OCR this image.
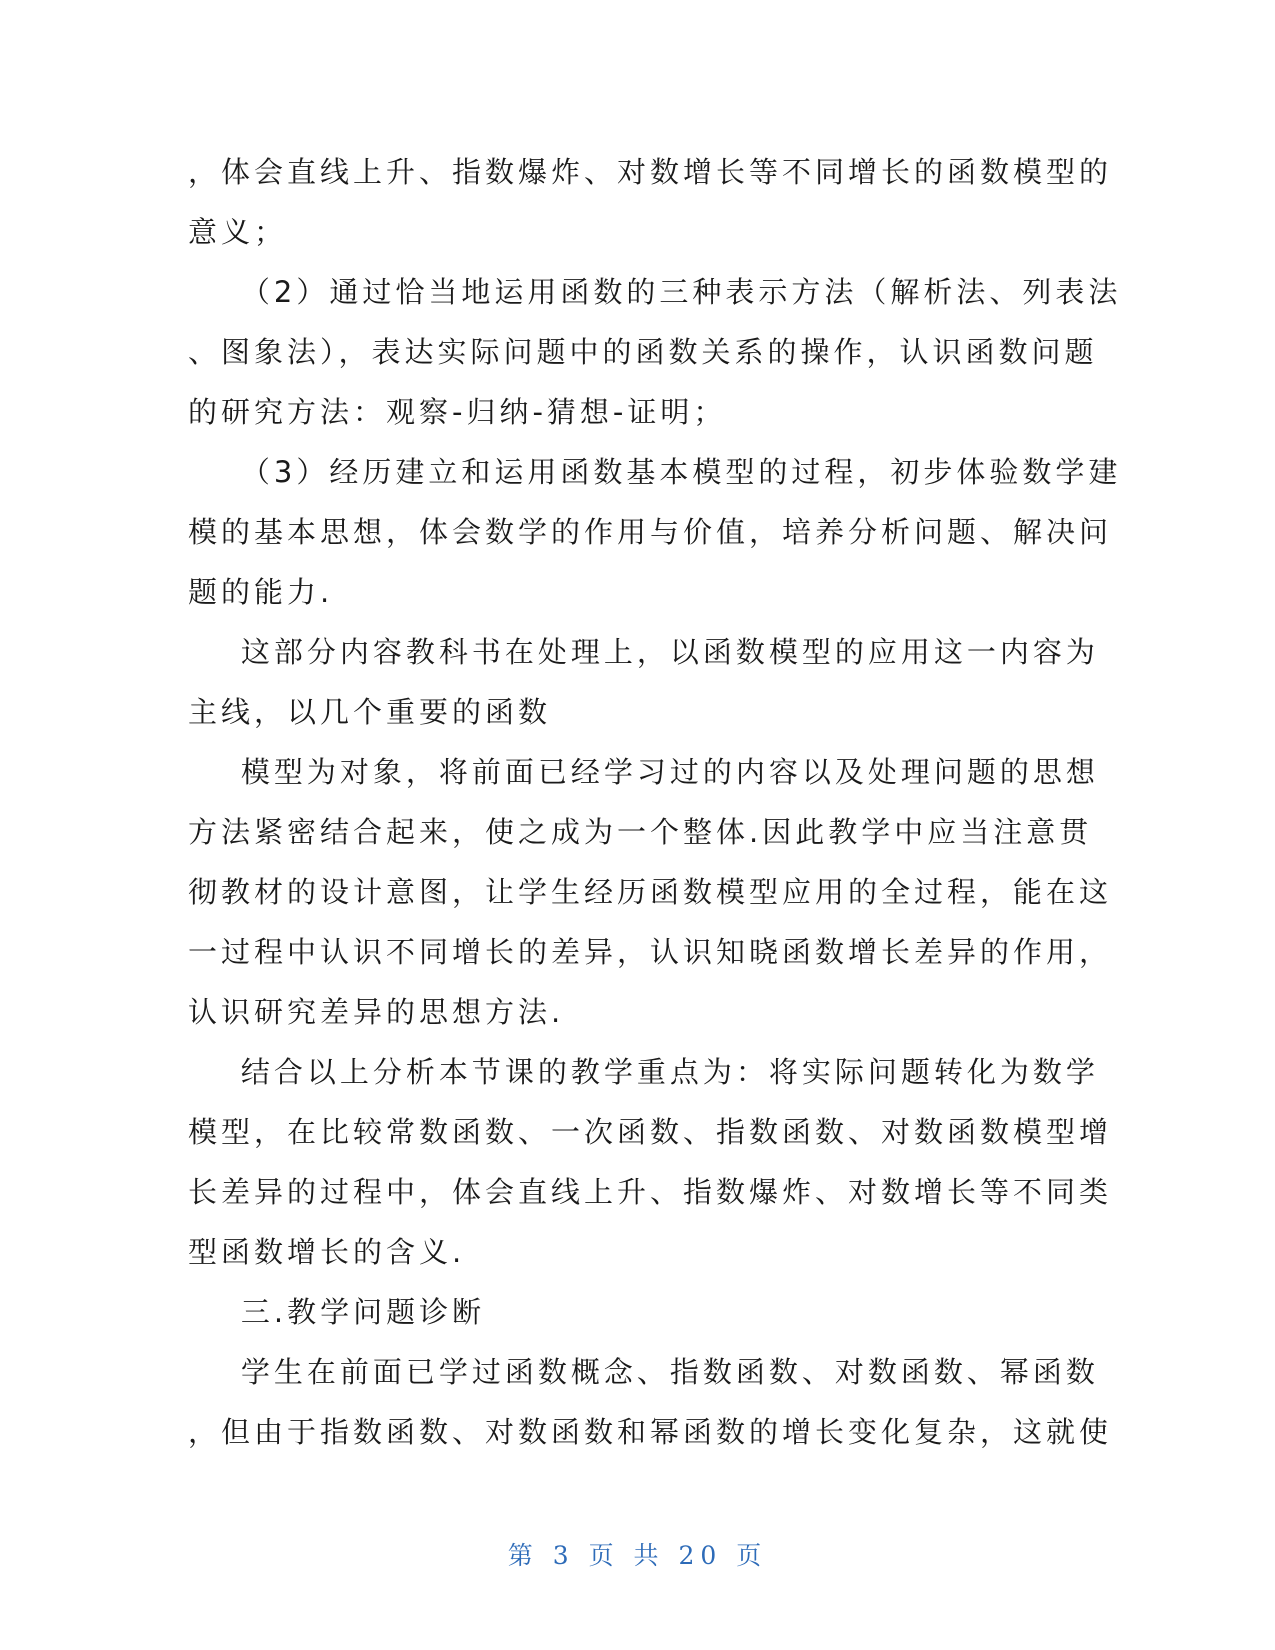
，体会直线上升、指数爆炸、对数增长等不同增长的函数模型的
意义；
（2）通过恰当地运用函数的三种表示方法（解析法、列表法
、图象法），表达实际问题中的函数关系的操作，认识函数问题
的研究方法：观察-归纳-猜想-证明；
（3）经历建立和运用函数基本模型的过程，初步体验数学建
模的基本思想，体会数学的作用与价值，培养分析问题、解决问
题的能力.
这部分内容教科书在处理上，以函数模型的应用这一内容为
主线，以几个重要的函数
模型为对象，将前面已经学习过的内容以及处理问题的思想
方法紧密结合起来，使之成为一个整体.因此教学中应当注意贯
彻教材的设计意图，让学生经历函数模型应用的全过程，能在这
一过程中认识不同增长的差异，认识知晓函数增长差异的作用，
认识研究差异的思想方法.
结合以上分析本节课的教学重点为：将实际问题转化为数学
模型，在比较常数函数、一次函数、指数函数、对数函数模型增
长差异的过程中，体会直线上升、指数爆炸、对数增长等不同类
型函数增长的含义.
三.教学问题诊断
学生在前面已学过函数概念、指数函数、对数函数、幂函数
，但由于指数函数、对数函数和幂函数的增长变化复杂，这就使
第 3 页 共 20 页
